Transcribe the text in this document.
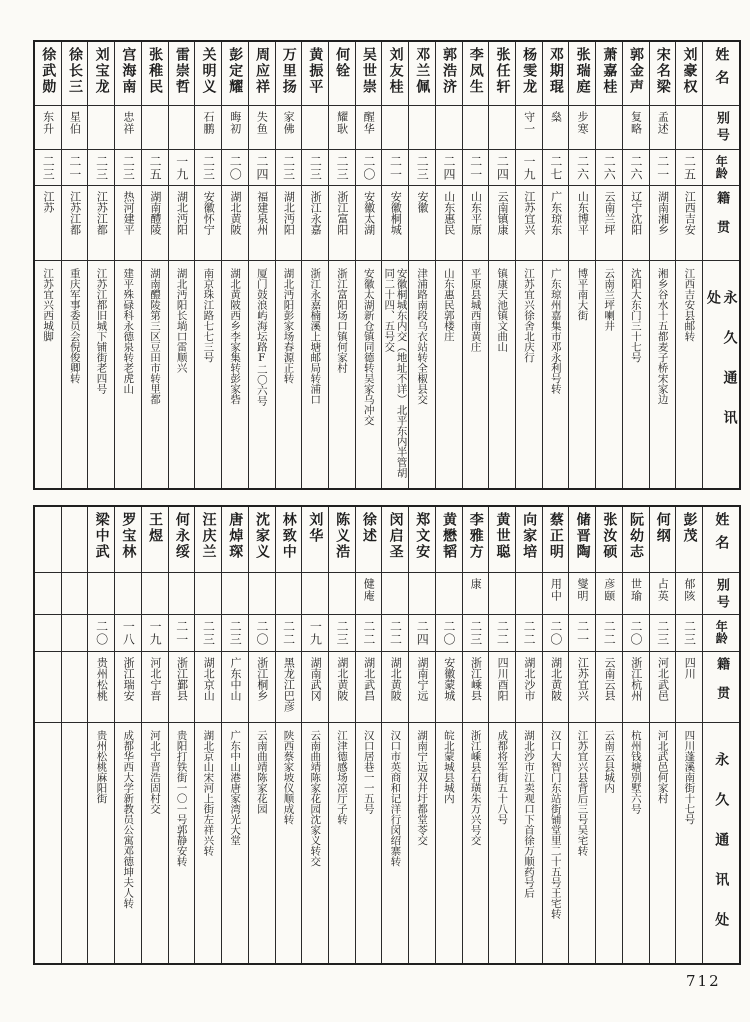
姓名
别号
年龄
籍贯
永久通讯处
刘豪权
二五
江西吉安
江西吉安县邮转
宋名梁
孟述
二一
湖南湘乡
湘乡谷水十五都麦子桥宋家边
郭金声
复略
二六
辽宁沈阳
沈阳大东门三十七号
萧嘉桂
二六
云南兰坪
云南兰坪喇井
张瑞庭
步寒
二六
山东博平
博平南大街
邓期琨
燊
二七
广东琼东
广东琼州嘉集市邓永利号转
杨雯龙
守一
一九
江苏宜兴
江苏宜兴徐舍北庆行
张任轩
二四
云南镇康
镇康天池镇文曲山
李凤生
二一
山东平原
平原县城西南黄庄
郭浩济
二四
山东惠民
山东惠民郭楼庄
邓兰佩
二三
安徽
津浦路南段乌衣站转全椒县交
刘友桂
二一
安徽桐城
安徽桐城东内交（地址不详）北平东内半管胡同二十四、五号交
吴世崇
醒华
二〇
安徽太湖
安徽太湖新仓镇同德转吴家乌冲交
何铨
耀耿
二三
浙江富阳
浙江富阳场口镇何家村
黄振平
二三
浙江永嘉
浙江永嘉楠溪上塘邮局转浦口
万里扬
家佛
二三
湖北沔阳
湖北沔阳彭家场春源正转
周应祥
失鱼
二四
福建泉州
厦门鼓浪屿海坛路F二〇六号
彭定耀
晦初
二〇
湖北黄陂
湖北黄陂西乡李家集转彭家砦
关明义
石鹏
二三
安徽怀宁
南京珠江路七七三号
雷崇哲
一九
湖北沔阳
湖北沔阳长埫口雷顺兴
张稚民
二五
湖南醴陵
湖南醴陵第三区豆田市转里都
宫海南
忠祥
二三
热河建平
建平殊碌科永德泉转老虎山
刘宝龙
二三
江苏江都
江苏江都旧城下铺街老四号
徐长三
星伯
二一
江苏江都
重庆军事委员会倪俊卿转
徐武勋
东升
二三
江苏
江苏宜兴西城脚
姓名
别号
年龄
籍贯
永久通讯处
彭茂
郁陔
二三
四川
四川蓬溪南街十七号
何纲
占英
二三
河北武邑
河北武邑何家村
阮幼志
世瑜
二〇
浙江杭州
杭州钱塘别墅六号
张汝硕
彦颐
二二
云南云县
云南云县城内
储晋陶
燮明
二一
江苏宜兴
江苏宜兴县背后三号吴宅转
蔡正明
用中
二〇
湖北黄陂
汉口大智门东站街铺堂里二十五号王宅转
向家培
二二
湖北沙市
湖北沙市江卖观口下首徐万顺药号后
黄世聪
二二
四川酉阳
成都将军街五十八号
李雅方
康
二三
浙江嵊县
浙江嵊县石璜朱万兴号交
黄懋韬
二〇
安徽蒙城
皖北蒙城县城内
郑文安
二四
湖南宁远
湖南宁远双井圩都堂苓交
闵启圣
二二
湖北黄陂
汉口市英商和记洋行闵绍寨转
徐述
健庵
二二
湖北武昌
汉口居巷一一五号
陈义浩
二三
湖北黄陂
江津德感场凉厅子转
刘华
一九
湖南武冈
云南曲靖陈家花园沈家义转交
林致中
二二
黑龙江巴彦
陕西蔡家坡仪顺成转
沈家义
二〇
浙江桐乡
云南曲靖陈家花园
唐焯琛
二三
广东中山
广东中山港唐家湾光大堂
汪庆兰
二三
湖北京山
湖北京山宋河上街左祥兴转
何永绥
二一
浙江鄞县
贵阳打铁街一〇一号郭静安转
王煜
一九
河北宁晋
河北宁晋浩固村交
罗宝林
一八
浙江瑞安
成都华西大学新教员公寓邓德坤夫人转
梁中武
二〇
贵州松桃
贵州松桃麻阳街
712
